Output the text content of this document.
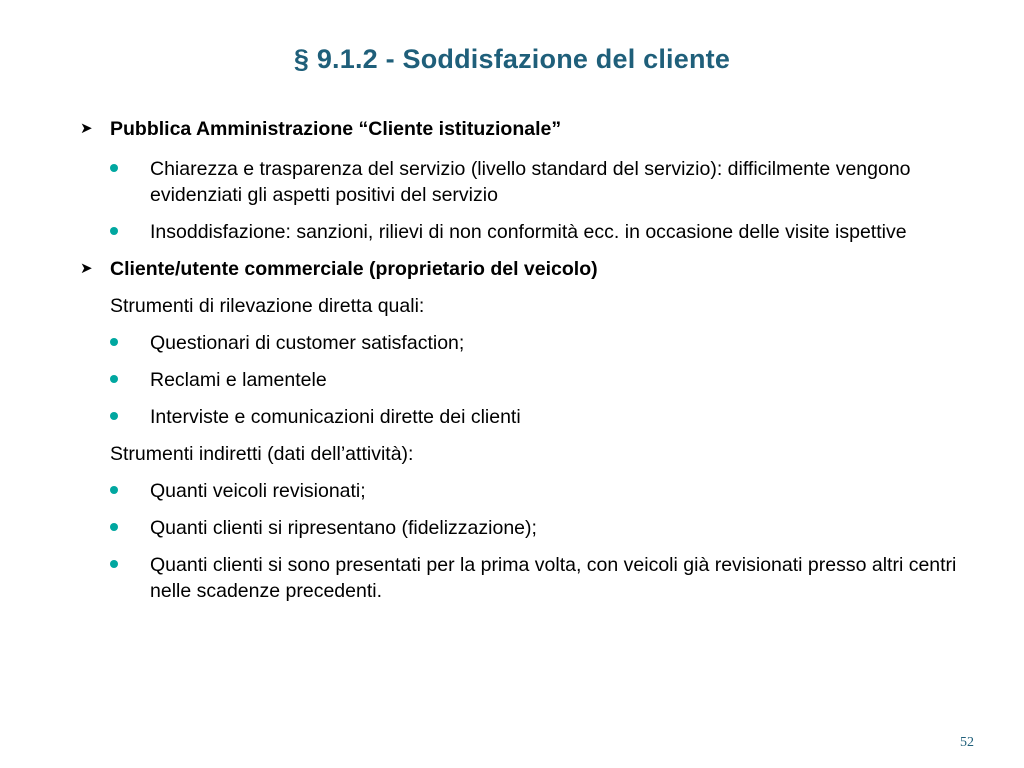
§ 9.1.2 - Soddisfazione del cliente
➤ Pubblica Amministrazione “Cliente istituzionale”
Chiarezza e trasparenza del servizio (livello standard del servizio): difficilmente vengono evidenziati gli aspetti positivi del servizio
Insoddisfazione: sanzioni, rilievi di non conformità ecc. in occasione delle visite ispettive
➤ Cliente/utente commerciale (proprietario del veicolo)
Strumenti di rilevazione diretta quali:
Questionari di customer satisfaction;
Reclami e lamentele
Interviste e comunicazioni dirette dei clienti
Strumenti indiretti (dati dell’attività):
Quanti veicoli revisionati;
Quanti clienti si ripresentano (fidelizzazione);
Quanti clienti si sono presentati per la prima volta, con veicoli già revisionati presso altri centri nelle scadenze precedenti.
52
